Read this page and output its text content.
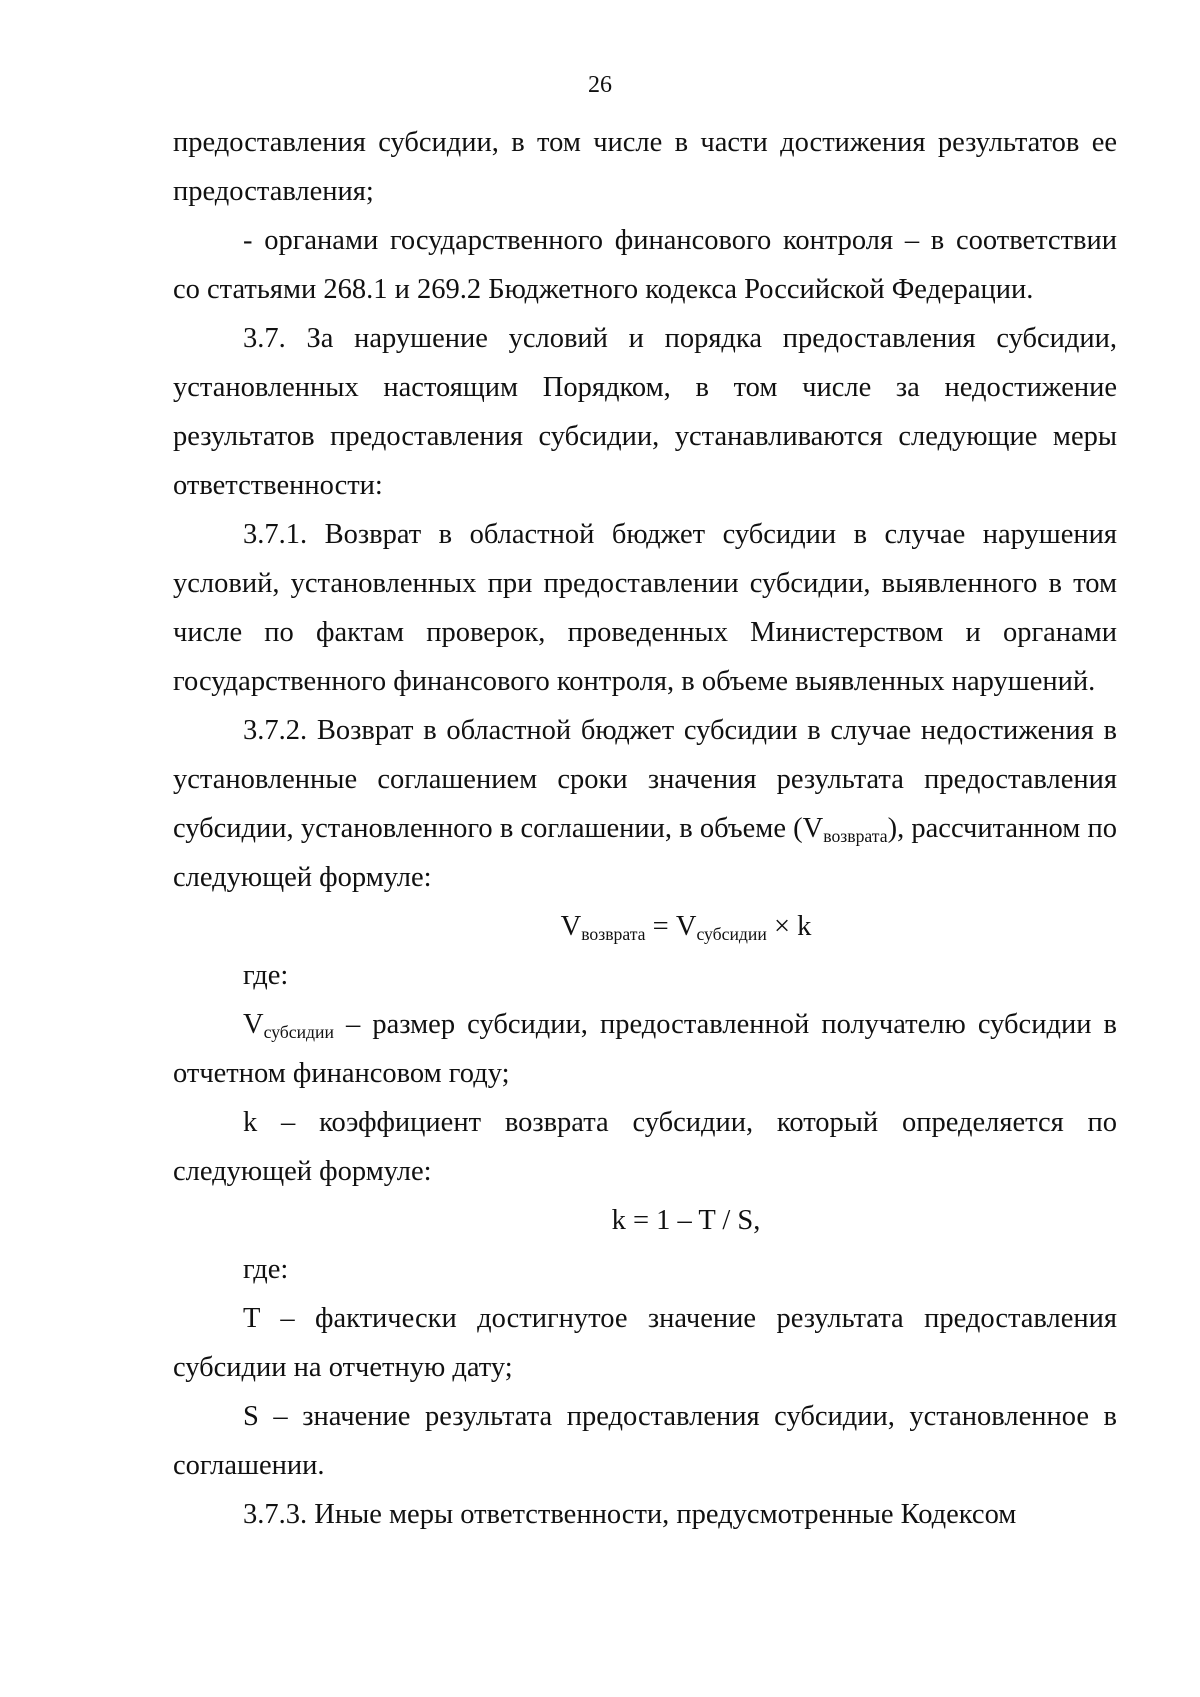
26

предоставления субсидии, в том числе в части достижения результатов ее предоставления;

- органами государственного финансового контроля – в соответствии со статьями 268.1 и 269.2 Бюджетного кодекса Российской Федерации.

3.7. За нарушение условий и порядка предоставления субсидии, установленных настоящим Порядком, в том числе за недостижение результатов предоставления субсидии, устанавливаются следующие меры ответственности:

3.7.1. Возврат в областной бюджет субсидии в случае нарушения условий, установленных при предоставлении субсидии, выявленного в том числе по фактам проверок, проведенных Министерством и органами государственного финансового контроля, в объеме выявленных нарушений.

3.7.2. Возврат в областной бюджет субсидии в случае недостижения в установленные соглашением сроки значения результата предоставления субсидии, установленного в соглашении, в объеме $(V_{возврата})$, рассчитанном по следующей формуле:

$V_{возврата} = V_{субсидии} \times k$

где:

$V_{субсидии}$ – размер субсидии, предоставленной получателю субсидии в отчетном финансовом году;

k – коэффициент возврата субсидии, который определяется по следующей формуле:

k = 1 – T / S,

где:

T – фактически достигнутое значение результата предоставления субсидии на отчетную дату;

S – значение результата предоставления субсидии, установленное в соглашении.

3.7.3. Иные меры ответственности, предусмотренные Кодексом
